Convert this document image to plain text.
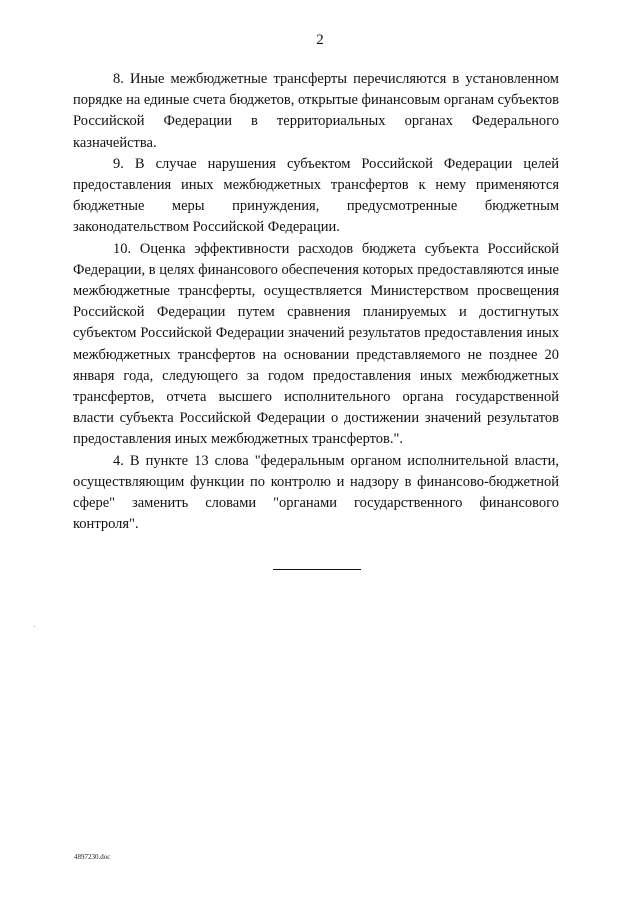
2

8. Иные межбюджетные трансферты перечисляются в установленном порядке на единые счета бюджетов, открытые финансовым органам субъектов Российской Федерации в территориальных органах Федерального казначейства.

9. В случае нарушения субъектом Российской Федерации целей предоставления иных межбюджетных трансфертов к нему применяются бюджетные меры принуждения, предусмотренные бюджетным законодательством Российской Федерации.

10. Оценка эффективности расходов бюджета субъекта Российской Федерации, в целях финансового обеспечения которых предоставляются иные межбюджетные трансферты, осуществляется Министерством просвещения Российской Федерации путем сравнения планируемых и достигнутых субъектом Российской Федерации значений результатов предоставления иных межбюджетных трансфертов на основании представляемого не позднее 20 января года, следующего за годом предоставления иных межбюджетных трансфертов, отчета высшего исполнительного органа государственной власти субъекта Российской Федерации о достижении значений результатов предоставления иных межбюджетных трансфертов.".

4. В пункте 13 слова "федеральным органом исполнительной власти, осуществляющим функции по контролю и надзору в финансово-бюджетной сфере" заменить словами "органами государственного финансового контроля".

4897230.doc
